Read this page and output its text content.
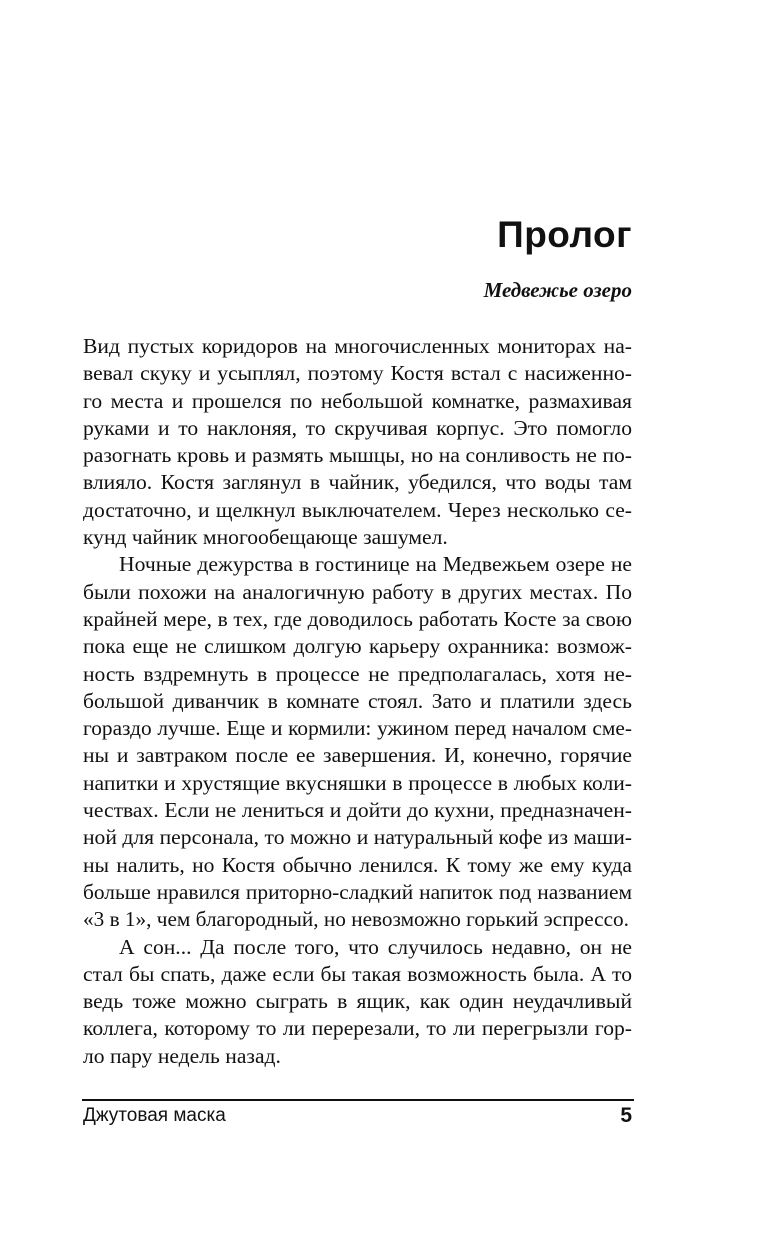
Пролог
Медвежье озеро
Вид пустых коридоров на многочисленных мониторах на-
вевал скуку и усыплял, поэтому Костя встал с насиженно-
го места и прошелся по небольшой комнатке, размахивая
руками и то наклоняя, то скручивая корпус. Это помогло
разогнать кровь и размять мышцы, но на сонливость не по-
влияло. Костя заглянул в чайник, убедился, что воды там
достаточно, и щелкнул выключателем. Через несколько се-
кунд чайник многообещающе зашумел.
Ночные дежурства в гостинице на Медвежьем озере не
были похожи на аналогичную работу в других местах. По
крайней мере, в тех, где доводилось работать Косте за свою
пока еще не слишком долгую карьеру охранника: возмож-
ность вздремнуть в процессе не предполагалась, хотя не-
большой диванчик в комнате стоял. Зато и платили здесь
гораздо лучше. Еще и кормили: ужином перед началом сме-
ны и завтраком после ее завершения. И, конечно, горячие
напитки и хрустящие вкусняшки в процессе в любых коли-
чествах. Если не лениться и дойти до кухни, предназначен-
ной для персонала, то можно и натуральный кофе из маши-
ны налить, но Костя обычно ленился. К тому же ему куда
больше нравился приторно-сладкий напиток под названием
«3 в 1», чем благородный, но невозможно горький эспрессо.
А сон... Да после того, что случилось недавно, он не
стал бы спать, даже если бы такая возможность была. А то
ведь тоже можно сыграть в ящик, как один неудачливый
коллега, которому то ли перерезали, то ли перегрызли гор-
ло пару недель назад.
Джутовая маска	5
